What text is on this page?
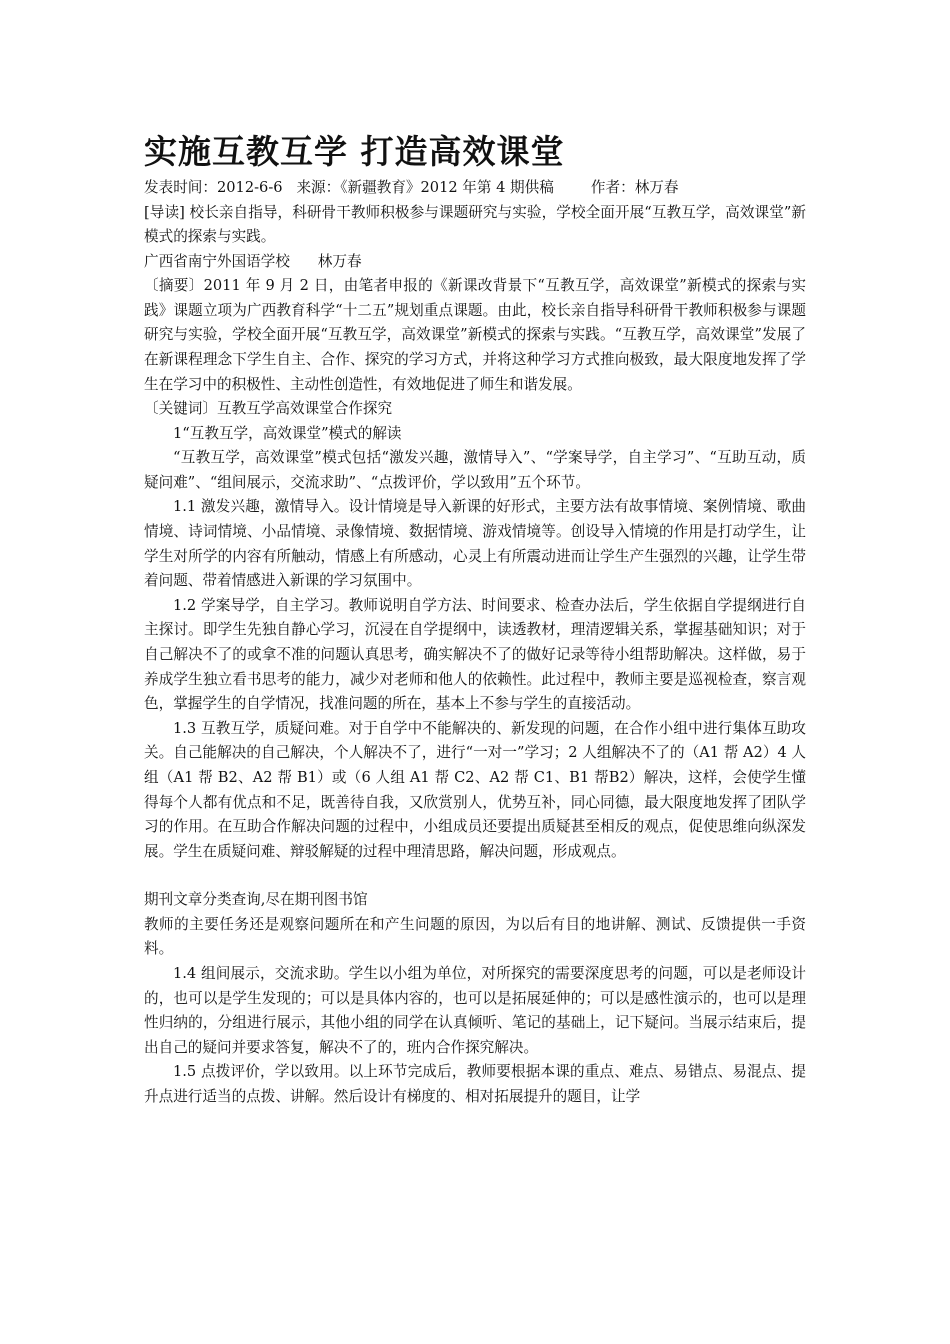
实施互教互学 打造高效课堂

发表时间：2012-6-6   来源：《新疆教育》2012 年第 4 期供稿        作者：林万春

[导读] 校长亲自指导，科研骨干教师积极参与课题研究与实验，学校全面开展“互教互学，高效课堂”新模式的探索与实践。

广西省南宁外国语学校      林万春

〔摘要〕2011 年 9 月 2 日，由笔者申报的《新课改背景下“互教互学，高效课堂”新模式的探索与实践》课题立项为广西教育科学“十二五”规划重点课题。由此，校长亲自指导科研骨干教师积极参与课题研究与实验，学校全面开展“互教互学，高效课堂”新模式的探索与实践。“互教互学，高效课堂”发展了在新课程理念下学生自主、合作、探究的学习方式，并将这种学习方式推向极致，最大限度地发挥了学生在学习中的积极性、主动性创造性，有效地促进了师生和谐发展。

〔关键词〕互教互学高效课堂合作探究

1“互教互学，高效课堂”模式的解读

“互教互学，高效课堂”模式包括“激发兴趣，激情导入”、“学案导学，自主学习”、“互助互动，质疑问难”、“组间展示，交流求助”、“点拨评价，学以致用”五个环节。

1.1 激发兴趣，激情导入。设计情境是导入新课的好形式，主要方法有故事情境、案例情境、歌曲情境、诗词情境、小品情境、录像情境、数据情境、游戏情境等。创设导入情境的作用是打动学生，让学生对所学的内容有所触动，情感上有所感动，心灵上有所震动进而让学生产生强烈的兴趣，让学生带着问题、带着情感进入新课的学习氛围中。

1.2 学案导学，自主学习。教师说明自学方法、时间要求、检查办法后，学生依据自学提纲进行自主探讨。即学生先独自静心学习，沉浸在自学提纲中，读透教材，理清逻辑关系，掌握基础知识；对于自己解决不了的或拿不准的问题认真思考，确实解决不了的做好记录等待小组帮助解决。这样做，易于养成学生独立看书思考的能力，减少对老师和他人的依赖性。此过程中，教师主要是巡视检查，察言观色，掌握学生的自学情况，找准问题的所在，基本上不参与学生的直接活动。

1.3 互教互学，质疑问难。对于自学中不能解决的、新发现的问题，在合作小组中进行集体互助攻关。自己能解决的自己解决，个人解决不了，进行“一对一”学习；2 人组解决不了的（A1 帮 A2）4 人组（A1 帮 B2、A2 帮 B1）或（6 人组 A1 帮 C2、A2 帮 C1、B1 帮B2）解决，这样，会使学生懂得每个人都有优点和不足，既善待自我，又欣赏别人，优势互补，同心同德，最大限度地发挥了团队学习的作用。在互助合作解决问题的过程中，小组成员还要提出质疑甚至相反的观点，促使思维向纵深发展。学生在质疑问难、辩驳解疑的过程中理清思路，解决问题，形成观点。

期刊文章分类查询,尽在期刊图书馆

教师的主要任务还是观察问题所在和产生问题的原因，为以后有目的地讲解、测试、反馈提供一手资料。

1.4 组间展示，交流求助。学生以小组为单位，对所探究的需要深度思考的问题，可以是老师设计的，也可以是学生发现的；可以是具体内容的，也可以是拓展延伸的；可以是感性演示的，也可以是理性归纳的，分组进行展示，其他小组的同学在认真倾听、笔记的基础上，记下疑问。当展示结束后，提出自己的疑问并要求答复，解决不了的，班内合作探究解决。

1.5 点拨评价，学以致用。以上环节完成后，教师要根据本课的重点、难点、易错点、易混点、提升点进行适当的点拨、讲解。然后设计有梯度的、相对拓展提升的题目，让学
